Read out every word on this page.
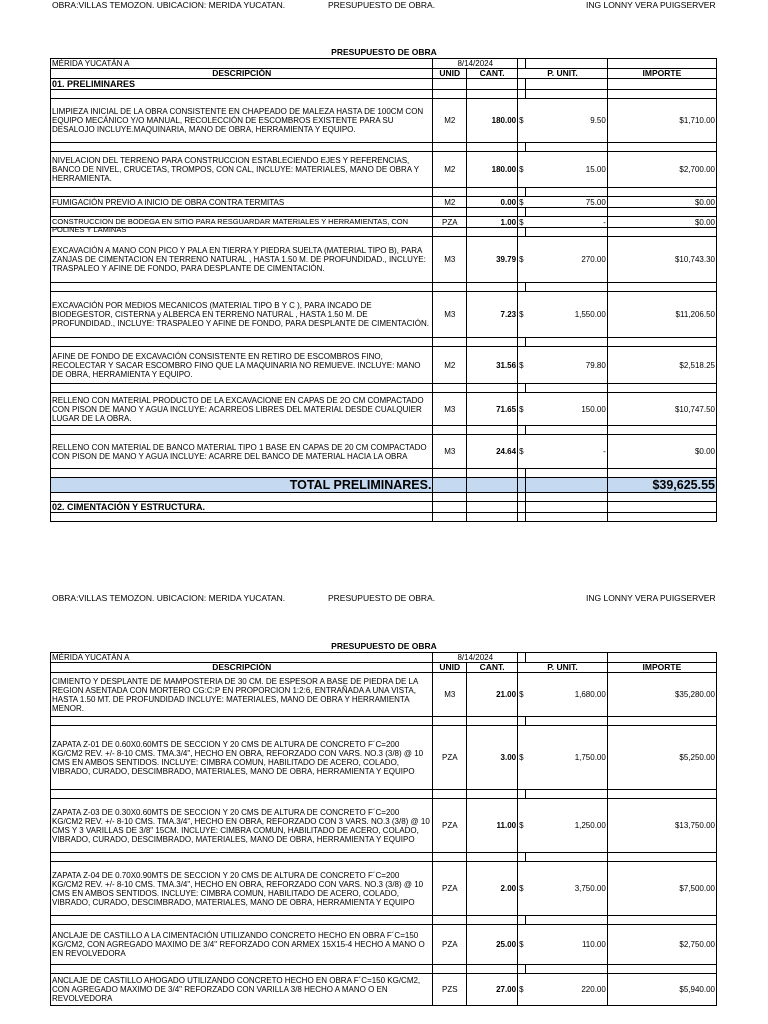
OBRA:VILLAS TEMOZON. UBICACION: MERIDA YUCATAN.	PRESUPUESTO DE OBRA.	ING LONNY VERA PUIGSERVER
PRESUPUESTO DE OBRA
MÉRIDA YUCATÁN A	8/14/2024				
DESCRIPCIÓN	UNID	CANT.	P. UNIT.		IMPORTE
01. PRELIMINARES					

LIMPIEZA INICIAL DE LA OBRA CONSISTENTE EN CHAPEADO DE MALEZA HASTA DE 100CM CON EQUIPO MECÁNICO Y/O MANUAL, RECOLECCIÓN DE ESCOMBROS EXISTENTE PARA SU DESALOJO INCLUYE.MAQUINARIA, MANO DE OBRA, HERRAMIENTA Y EQUIPO.	M2	180.00	$	9.50	$1,710.00

NIVELACION DEL TERRENO PARA CONSTRUCCION ESTABLECIENDO EJES Y REFERENCIAS, BANCO DE NIVEL, CRUCETAS, TROMPOS, CON CAL, INCLUYE: MATERIALES, MANO DE OBRA Y HERRAMIENTA.	M2	180.00	$	15.00	$2,700.00

FUMIGACIÓN PREVIO A INICIO DE OBRA CONTRA TERMITAS	M2	0.00	$	75.00	$0.00

CONSTRUCCION DE BODEGA EN SITIO PARA RESGUARDAR MATERIALES Y HERRAMIENTAS, CON POLINES Y LAMINAS	PZA	1.00	$	-	$0.00

EXCAVACIÓN A MANO CON PICO Y PALA EN TIERRA Y PIEDRA SUELTA (MATERIAL TIPO B), PARA ZANJAS DE CIMENTACION EN TERRENO NATURAL , HASTA 1.50 M. DE PROFUNDIDAD., INCLUYE: TRASPALEO Y AFINE DE FONDO, PARA DESPLANTE DE CIMENTACIÓN.	M3	39.79	$	270.00	$10,743.30

EXCAVACIÓN POR MEDIOS MECANICOS (MATERIAL TIPO B Y C ), PARA INCADO DE BIODEGESTOR, CISTERNA y ALBERCA EN TERRENO NATURAL , HASTA 1.50 M. DE PROFUNDIDAD., INCLUYE: TRASPALEO Y AFINE DE FONDO, PARA DESPLANTE DE CIMENTACIÓN.	M3	7.23	$	1,550.00	$11,206.50

AFINE DE FONDO DE EXCAVACIÓN CONSISTENTE EN RETIRO DE ESCOMBROS FINO, RECOLECTAR Y SACAR ESCOMBRO FINO QUE LA MAQUINARIA NO REMUEVE. INCLUYE: MANO DE OBRA, HERRAMIENTA Y EQUIPO.	M2	31.56	$	79.80	$2,518.25

RELLENO CON MATERIAL PRODUCTO DE LA EXCAVACIONE EN CAPAS DE 2O CM COMPACTADO CON PISON DE MANO Y AGUA INCLUYE: ACARREOS LIBRES DEL MATERIAL DESDE CUALQUIER LUGAR DE LA OBRA.	M3	71.65	$	150.00	$10,747.50

RELLENO CON MATERIAL DE BANCO MATERIAL TIPO 1 BASE EN CAPAS DE 20 CM COMPACTADO CON PISON DE MANO Y AGUA INCLUYE: ACARRE DEL BANCO DE MATERIAL HACIA LA OBRA	M3	24.64	$	-	$0.00

TOTAL PRELIMINARES.					$39,625.55

02. CIMENTACIÓN Y ESTRUCTURA.					

OBRA:VILLAS TEMOZON. UBICACION: MERIDA YUCATAN.	PRESUPUESTO DE OBRA.	ING LONNY VERA PUIGSERVER
PRESUPUESTO DE OBRA
MÉRIDA YUCATÁN A	8/14/2024				
DESCRIPCIÓN	UNID	CANT.	P. UNIT.		IMPORTE
CIMIENTO Y DESPLANTE DE MAMPOSTERIA DE 30 CM. DE ESPESOR A BASE DE PIEDRA DE LA REGION ASENTADA CON MORTERO CG:C:P EN PROPORCION 1:2:6, ENTRAÑADA A UNA VISTA, HASTA 1.50 MT. DE PROFUNDIDAD INCLUYE: MATERIALES, MANO DE OBRA Y HERRAMIENTA MENOR.	M3	21.00	$	1,680.00	$35,280.00

ZAPATA Z-01 DE 0.60X0.60MTS DE SECCION Y 20 CMS DE ALTURA DE CONCRETO F´C=200 KG/CM2 REV. +/- 8-10 CMS. TMA.3/4", HECHO EN OBRA, REFORZADO CON VARS. NO.3 (3/8) @ 10 CMS EN AMBOS SENTIDOS. INCLUYE: CIMBRA COMUN, HABILITADO DE ACERO, COLADO, VIBRADO, CURADO, DESCIMBRADO, MATERIALES, MANO DE OBRA, HERRAMIENTA Y EQUIPO	PZA	3.00	$	1,750.00	$5,250.00

ZAPATA Z-03 DE 0.30X0.60MTS DE SECCION Y 20 CMS DE ALTURA DE CONCRETO F´C=200 KG/CM2 REV. +/- 8-10 CMS. TMA.3/4", HECHO EN OBRA, REFORZADO CON 3 VARS. NO.3 (3/8) @ 10 CMS Y 3 VARILLAS DE 3/8" 15CM. INCLUYE: CIMBRA COMUN, HABILITADO DE ACERO, COLADO, VIBRADO, CURADO, DESCIMBRADO, MATERIALES, MANO DE OBRA, HERRAMIENTA Y EQUIPO	PZA	11.00	$	1,250.00	$13,750.00

ZAPATA Z-04 DE 0.70X0.90MTS DE SECCION Y 20 CMS DE ALTURA DE CONCRETO F´C=200 KG/CM2 REV. +/- 8-10 CMS. TMA.3/4", HECHO EN OBRA, REFORZADO CON VARS. NO.3 (3/8) @ 10 CMS EN AMBOS SENTIDOS. INCLUYE: CIMBRA COMUN, HABILITADO DE ACERO, COLADO, VIBRADO, CURADO, DESCIMBRADO, MATERIALES, MANO DE OBRA, HERRAMIENTA Y EQUIPO	PZA	2.00	$	3,750.00	$7,500.00

ANCLAJE DE CASTILLO A LA CIMENTACIÓN UTILIZANDO CONCRETO HECHO EN OBRA F´C=150 KG/CM2, CON AGREGADO MAXIMO DE 3/4" REFORZADO CON ARMEX 15X15-4 HECHO A MANO O EN REVOLVEDORA	PZA	25.00	$	110.00	$2,750.00

ANCLAJE DE CASTILLO AHOGADO UTILIZANDO CONCRETO HECHO EN OBRA F´C=150 KG/CM2, CON AGREGADO MAXIMO DE 3/4" REFORZADO CON VARILLA 3/8 HECHO A MANO O EN REVOLVEDORA	PZS	27.00	$	220.00	$5,940.00
